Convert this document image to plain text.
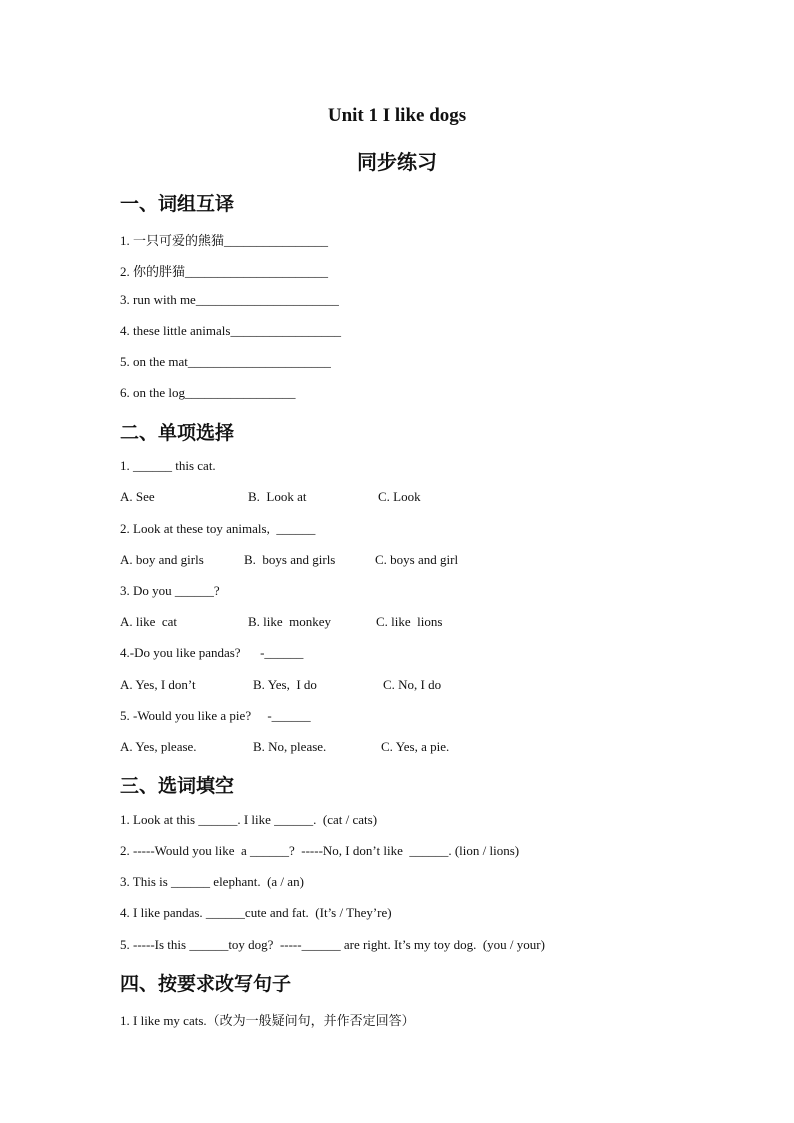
Unit 1 I like dogs
同步练习
一、词组互译
1. 一只可爱的熊猫________________
2. 你的胖猫______________________
3. run with me______________________
4. these little animals_________________
5. on the mat______________________
6. on the log_________________
二、单项选择
1. ______ this cat.
A. See	B.  Look at	C. Look
2. Look at these toy animals,  ______
A. boy and girls	B.  boys and girls	C. boys and girl
3. Do you ______?
A. like  cat	B. like  monkey	C. like  lions
4.-Do you like pandas?      -______
A. Yes, I don’t	B. Yes,  I do	C. No, I do
5. -Would you like a pie?     -______
A. Yes, please.	B. No, please.	C. Yes, a pie.
三、选词填空
1. Look at this ______. I like ______.  (cat / cats)
2. -----Would you like  a ______?  -----No, I don’t like  ______. (lion / lions)
3. This is ______ elephant.  (a / an)
4. I like pandas. ______cute and fat.  (It’s / They’re)
5. -----Is this ______toy dog?  -----______ are right. It’s my toy dog.  (you / your)
四、按要求改写句子
1. I like my cats.（改为一般疑问句，并作否定回答）
